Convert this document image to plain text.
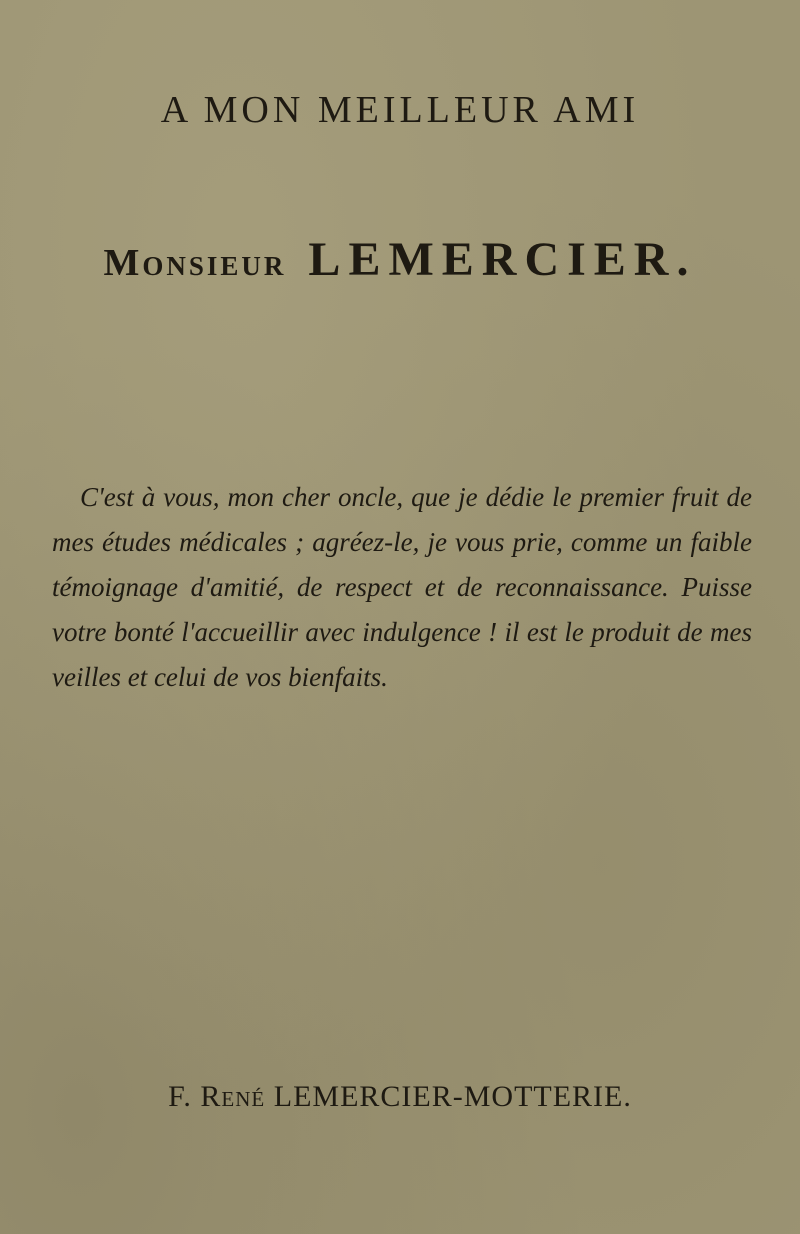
A MON MEILLEUR AMI
Monsieur LEMERCIER.

C'est à vous, mon cher oncle, que je dédie le premier fruit de mes études médicales ; agréez-le, je vous prie, comme un faible témoignage d'amitié, de respect et de reconnaissance. Puisse votre bonté l'accueillir avec indulgence ! il est le produit de mes veilles et celui de vos bienfaits.

F. René LEMERCIER-MOTTERIE.
